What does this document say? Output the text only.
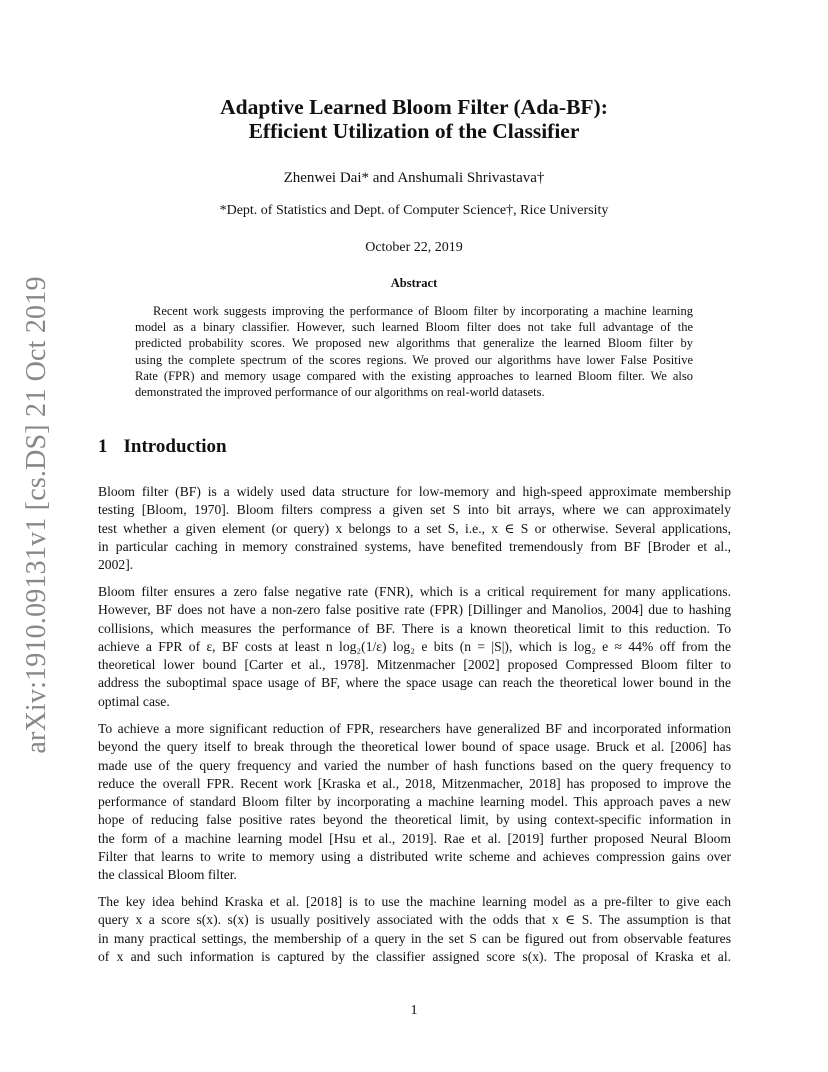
arXiv:1910.09131v1 [cs.DS] 21 Oct 2019
Adaptive Learned Bloom Filter (Ada-BF):
Efficient Utilization of the Classifier
Zhenwei Dai* and Anshumali Shrivastava†
*Dept. of Statistics and Dept. of Computer Science†, Rice University
October 22, 2019
Abstract
Recent work suggests improving the performance of Bloom filter by incorporating a machine learning
model as a binary classifier. However, such learned Bloom filter does not take full advantage of the
predicted probability scores. We proposed new algorithms that generalize the learned Bloom filter by
using the complete spectrum of the scores regions. We proved our algorithms have lower False Positive
Rate (FPR) and memory usage compared with the existing approaches to learned Bloom filter. We also
demonstrated the improved performance of our algorithms on real-world datasets.
1 Introduction
Bloom filter (BF) is a widely used data structure for low-memory and high-speed approximate membership
testing [Bloom, 1970]. Bloom filters compress a given set S into bit arrays, where we can approximately
test whether a given element (or query) x belongs to a set S, i.e., x ∈ S or otherwise. Several applications,
in particular caching in memory constrained systems, have benefited tremendously from BF [Broder et al.,
2002].
Bloom filter ensures a zero false negative rate (FNR), which is a critical requirement for many applications.
However, BF does not have a non-zero false positive rate (FPR) [Dillinger and Manolios, 2004] due to hashing
collisions, which measures the performance of BF. There is a known theoretical limit to this reduction. To
achieve a FPR of ε, BF costs at least n log₂(1/ε) log₂ e bits (n = |S|), which is log₂ e ≈ 44% off from the
theoretical lower bound [Carter et al., 1978]. Mitzenmacher [2002] proposed Compressed Bloom filter to
address the suboptimal space usage of BF, where the space usage can reach the theoretical lower bound in the
optimal case.
To achieve a more significant reduction of FPR, researchers have generalized BF and incorporated information
beyond the query itself to break through the theoretical lower bound of space usage. Bruck et al. [2006] has
made use of the query frequency and varied the number of hash functions based on the query frequency to
reduce the overall FPR. Recent work [Kraska et al., 2018, Mitzenmacher, 2018] has proposed to improve the
performance of standard Bloom filter by incorporating a machine learning model. This approach paves a new
hope of reducing false positive rates beyond the theoretical limit, by using context-specific information in
the form of a machine learning model [Hsu et al., 2019]. Rae et al. [2019] further proposed Neural Bloom
Filter that learns to write to memory using a distributed write scheme and achieves compression gains over
the classical Bloom filter.
The key idea behind Kraska et al. [2018] is to use the machine learning model as a pre-filter to give each
query x a score s(x). s(x) is usually positively associated with the odds that x ∈ S. The assumption is that
in many practical settings, the membership of a query in the set S can be figured out from observable features
of x and such information is captured by the classifier assigned score s(x). The proposal of Kraska et al.
1
